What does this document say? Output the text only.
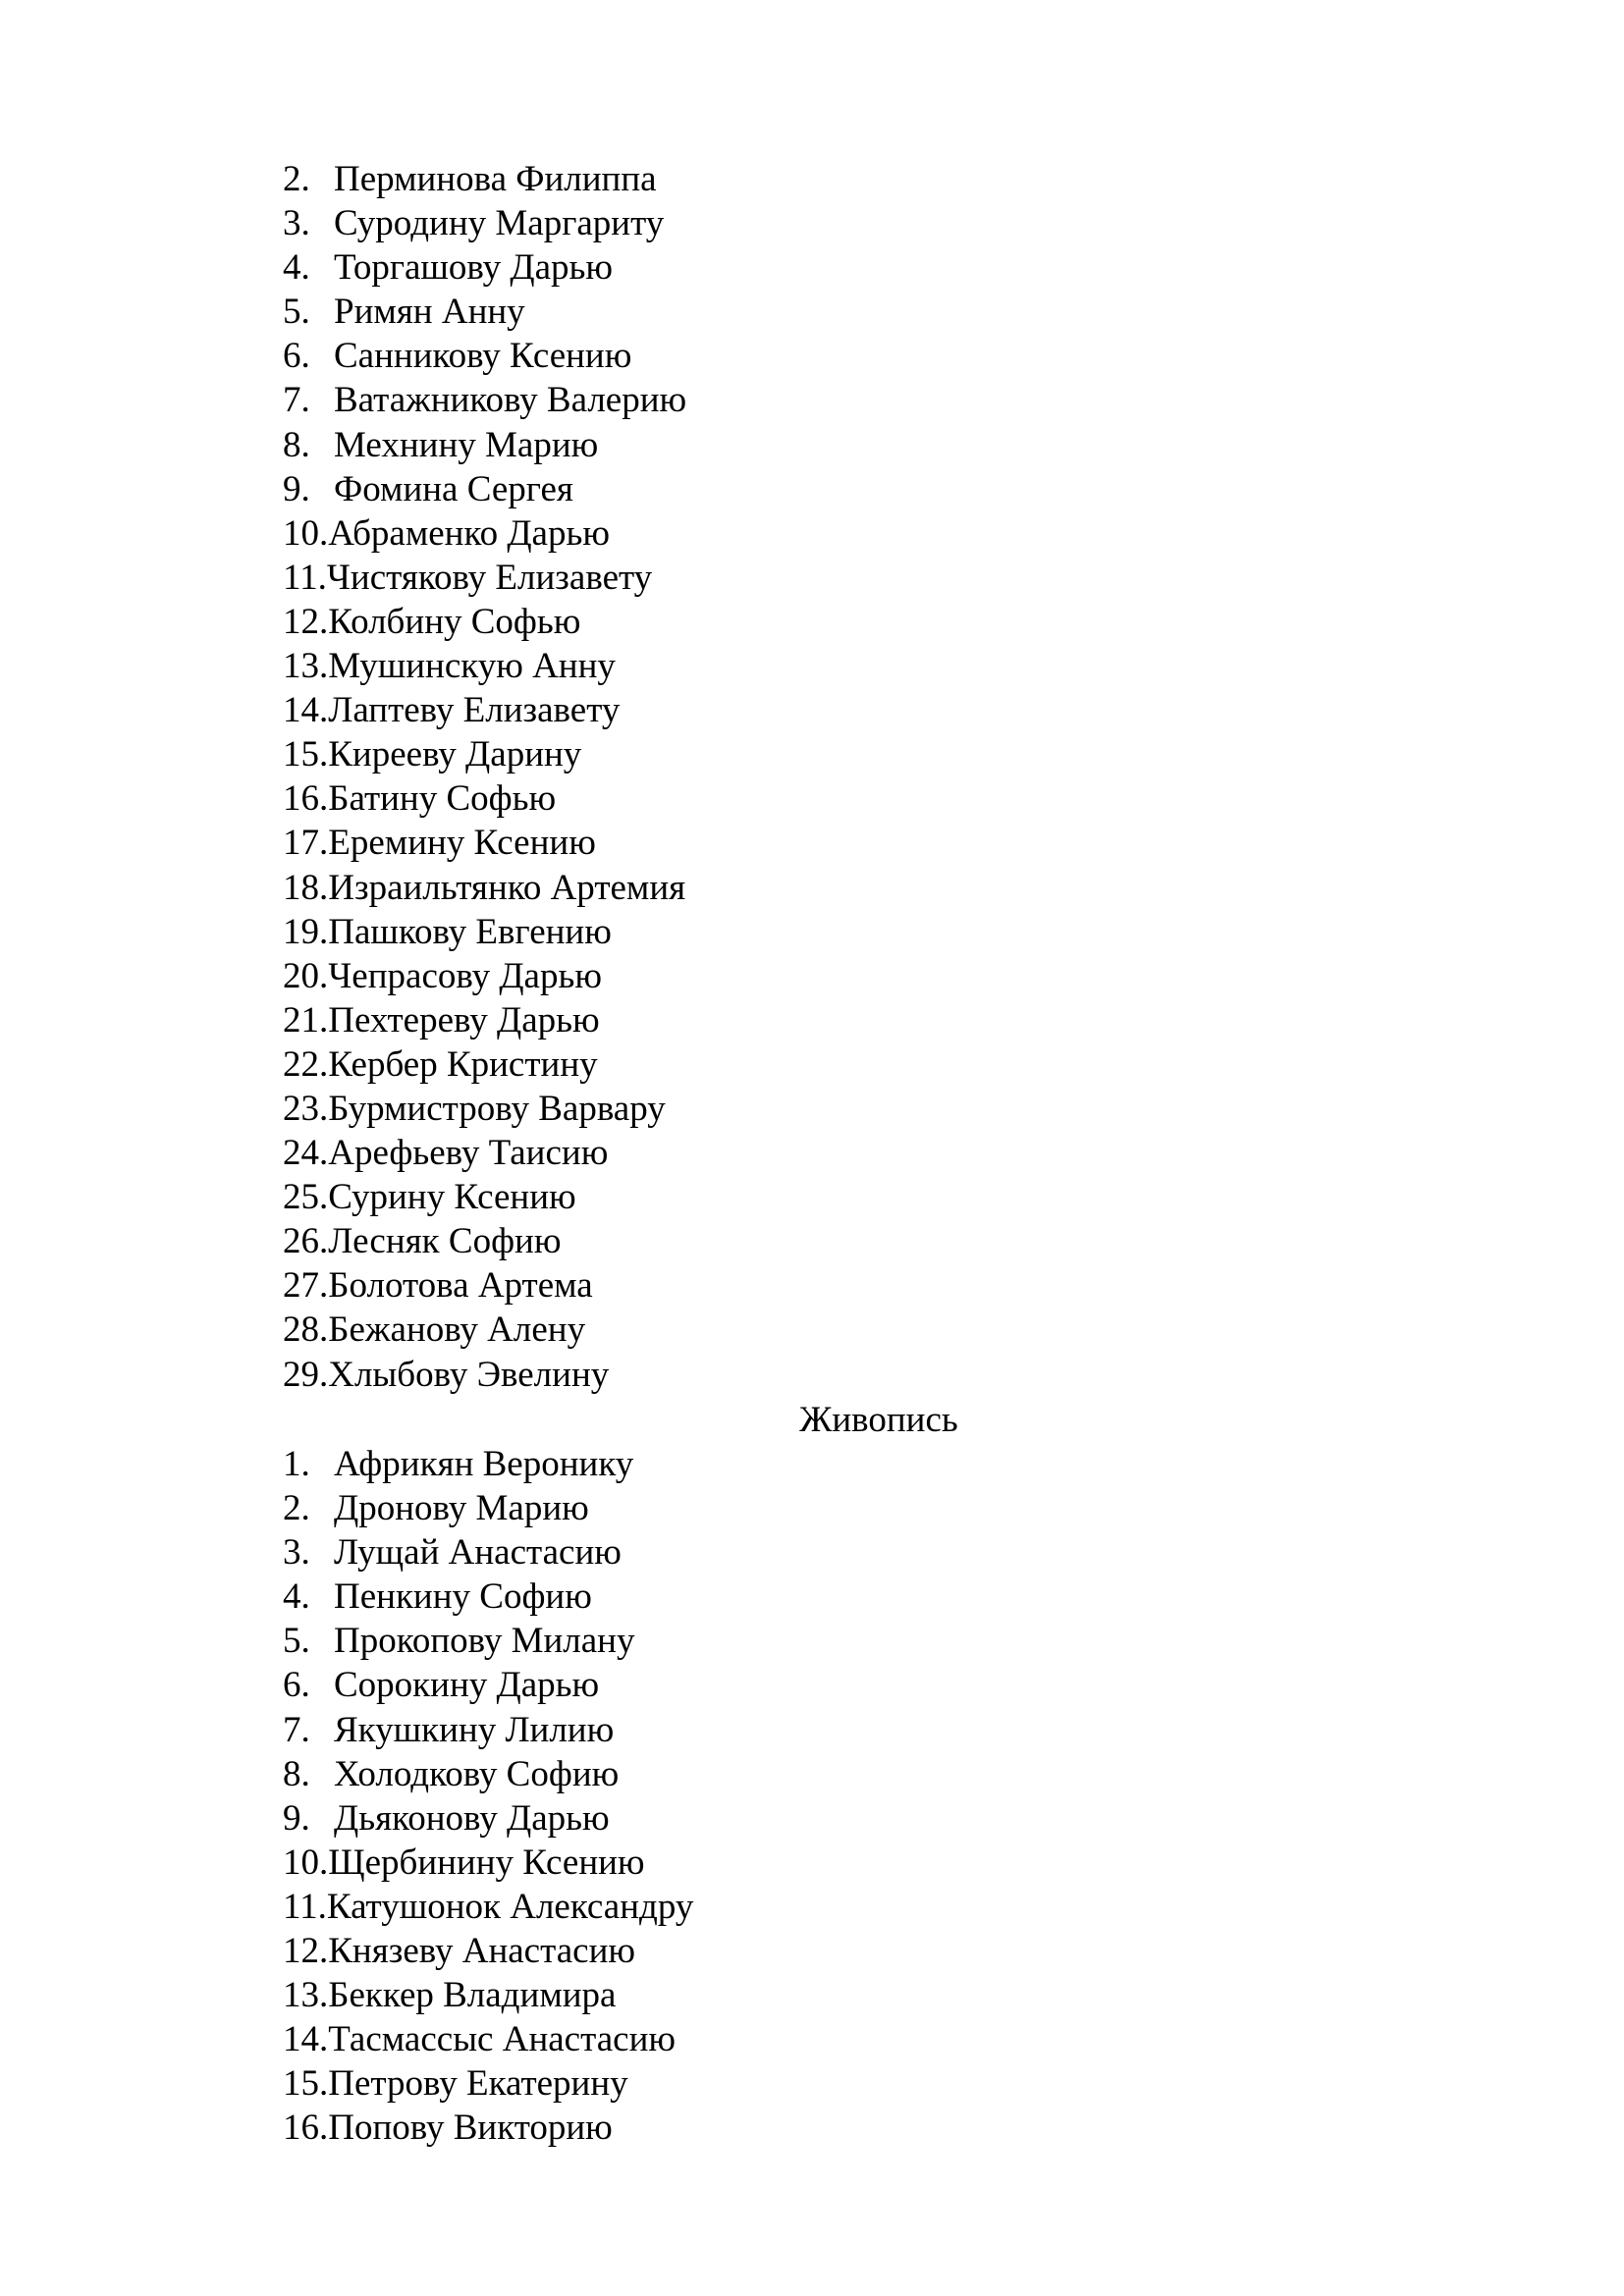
2. Перминова Филиппа
3. Суродину Маргариту
4. Торгашову Дарью
5. Римян Анну
6. Санникову Ксению
7. Ватажникову Валерию
8. Мехнину Марию
9. Фомина Сергея
10.Абраменко Дарью
11.Чистякову Елизавету
12.Колбину Софью
13.Мушинскую Анну
14.Лаптеву Елизавету
15.Кирееву Дарину
16.Батину Софью
17.Еремину Ксению
18.Израильтянко Артемия
19.Пашкову Евгению
20.Чепрасову Дарью
21.Пехтереву Дарью
22.Кербер Кристину
23.Бурмистрову Варвару
24.Арефьеву Таисию
25.Сурину Ксению
26.Лесняк Софию
27.Болотова Артема
28.Бежанову Алену
29.Хлыбову Эвелину
Живопись
1. Африкян Веронику
2. Дронову Марию
3. Лущай Анастасию
4. Пенкину Софию
5. Прокопову Милану
6. Сорокину Дарью
7. Якушкину Лилию
8. Холодкову Софию
9. Дьяконову Дарью
10.Щербинину Ксению
11.Катушонок Александру
12.Князеву Анастасию
13.Беккер Владимира
14.Тасмассыс Анастасию
15.Петрову Екатерину
16.Попову Викторию
